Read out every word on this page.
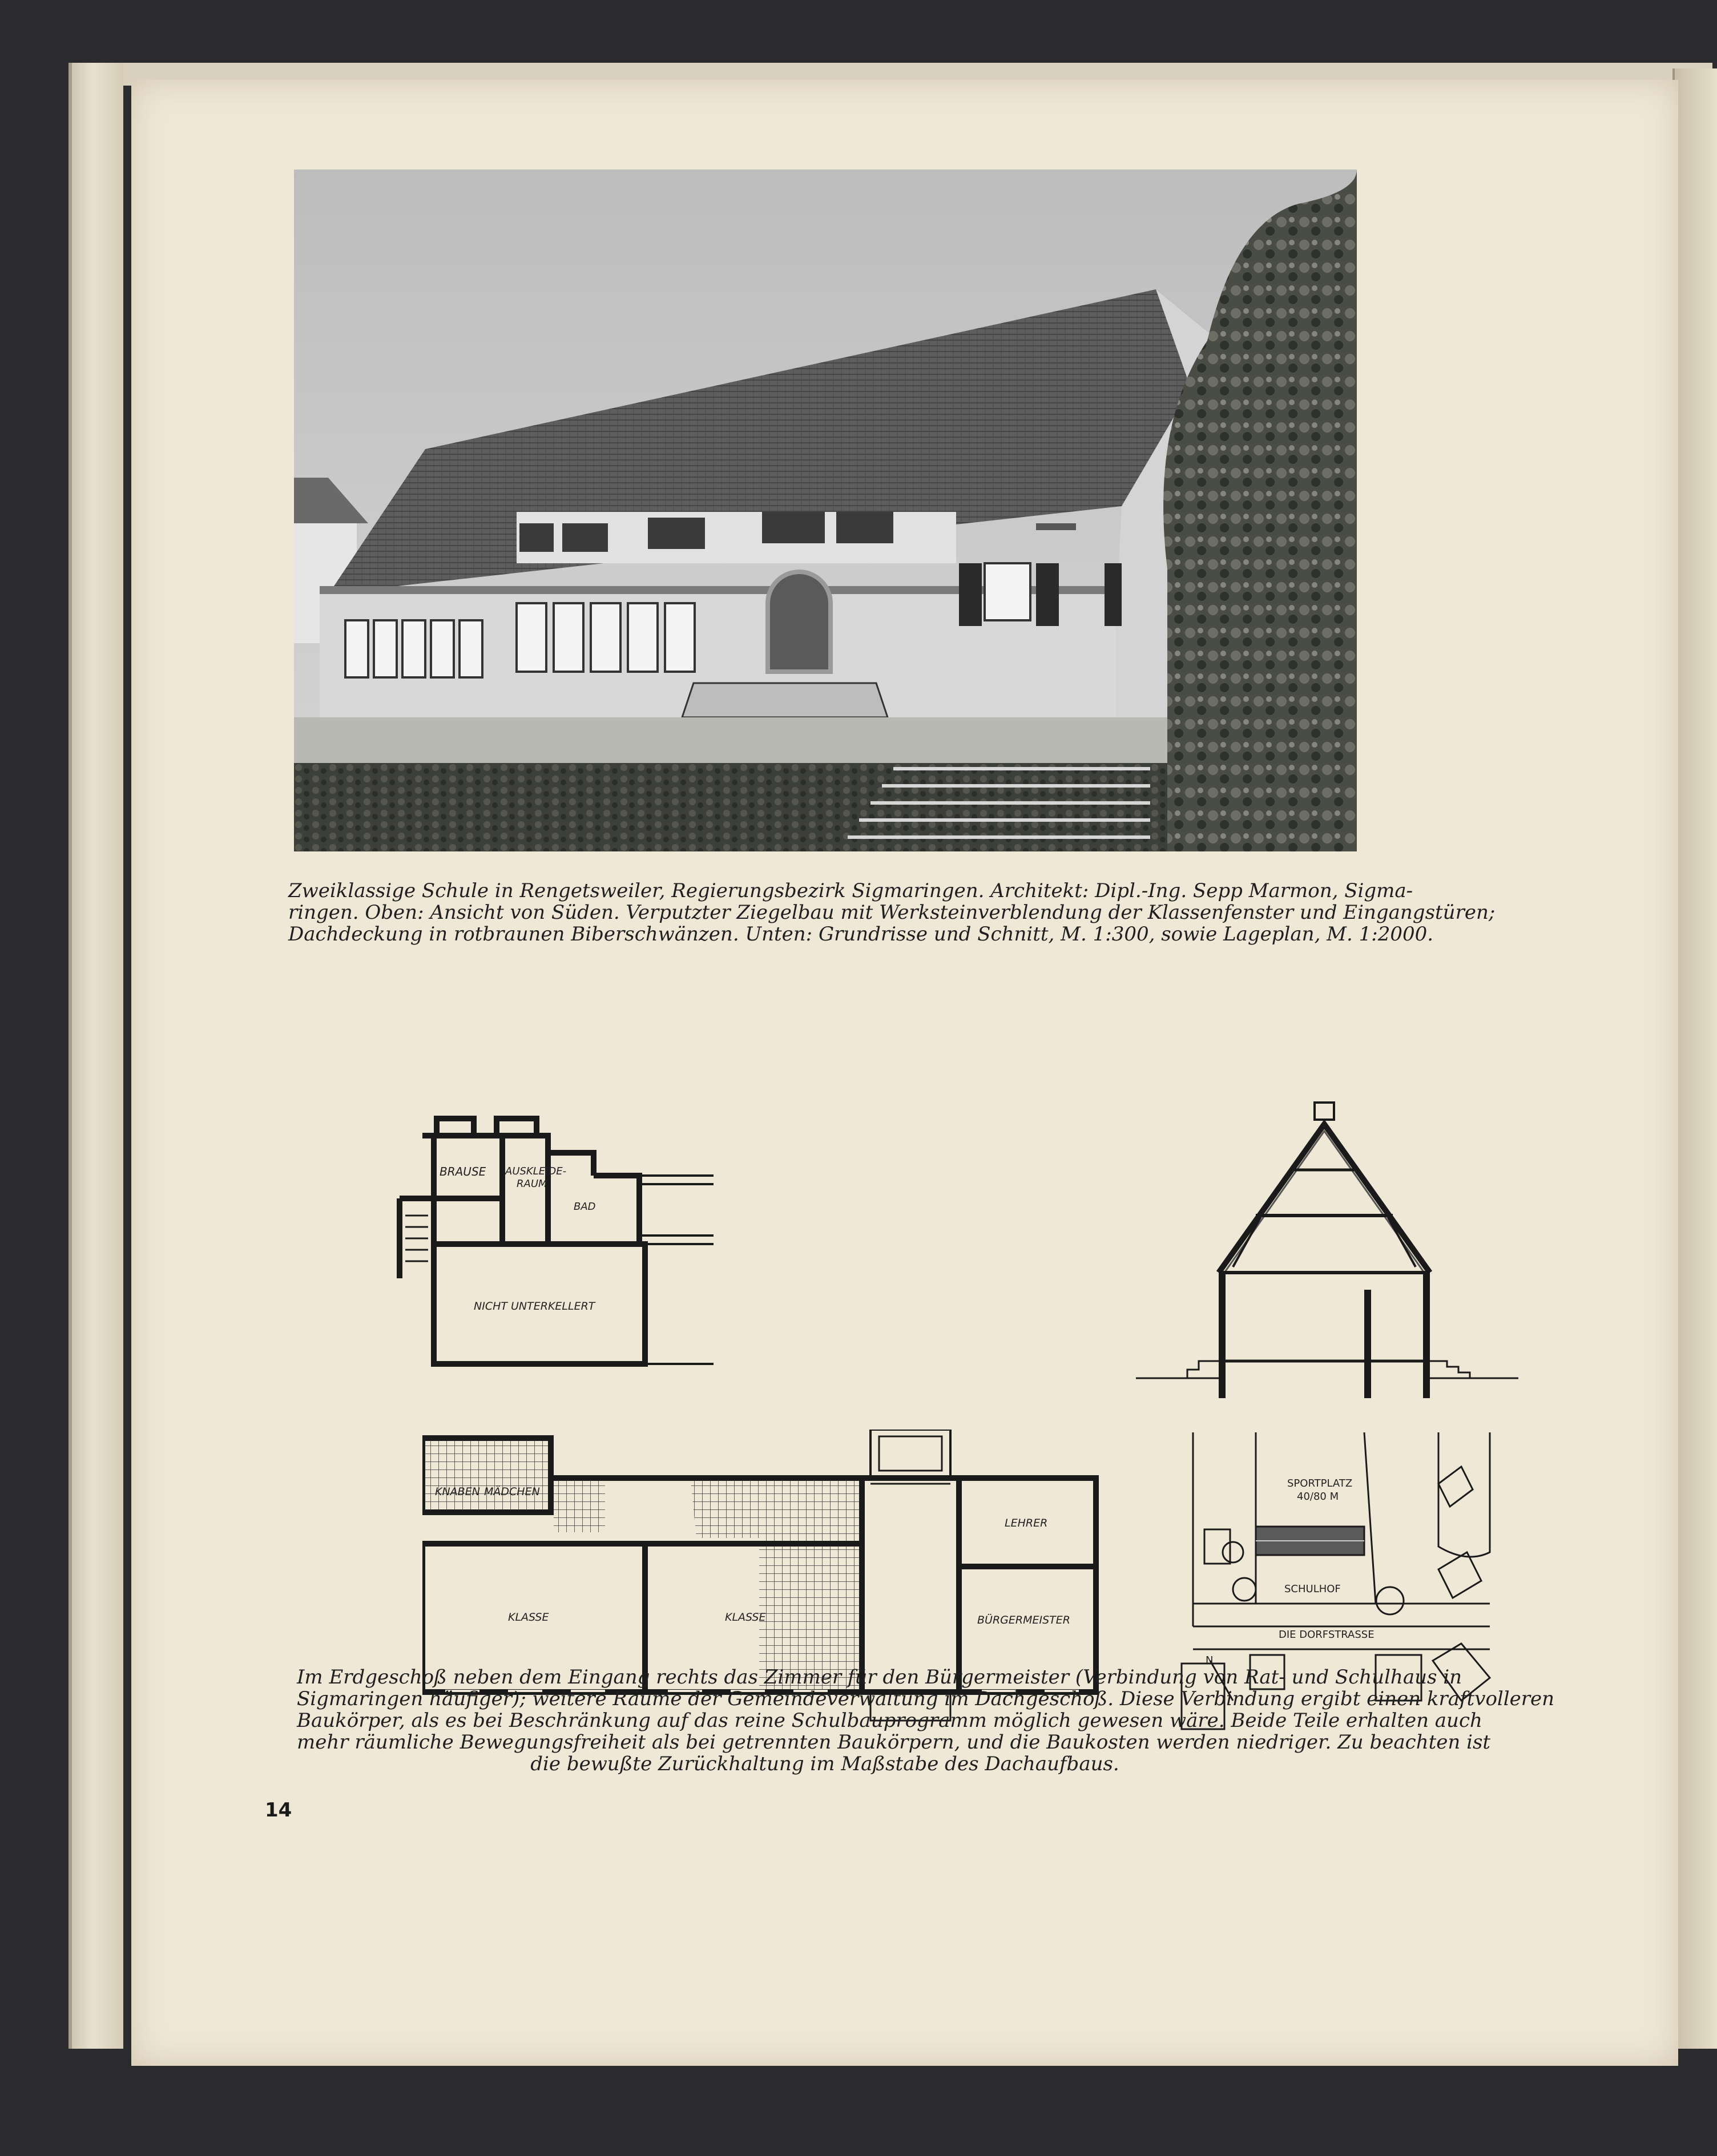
Zweiklassige Schule in Rengetsweiler, Regierungsbezirk Sigmaringen. Architekt: Dipl.-Ing. Sepp Marmon, Sigma-
ringen. Oben: Ansicht von Süden. Verputzter Ziegelbau mit Werksteinverblendung der Klassenfenster und Eingangstüren;
Dachdeckung in rotbraunen Biberschwänzen. Unten: Grundrisse und Schnitt, M. 1:300, sowie Lageplan, M. 1:2000.
BRAUSE AUSKLEIDE-
RAUM
BAD
NICHT UNTERKELLERT
KNABEN MÄDCHEN
KLASSE	KLASSE
LEHRER
BÜRGERMEISTER
SPORTPLATZ
40/80 M
SCHULHOF
DIE DORFSTRASSE
N
Im Erdgeschoß neben dem Eingang rechts das Zimmer für den Bürgermeister (Verbindung von Rat- und Schulhaus in
Sigmaringen häufiger); weitere Räume der Gemeindeverwaltung im Dachgeschoß. Diese Verbindung ergibt einen kraftvolleren
Baukörper, als es bei Beschränkung auf das reine Schulbauprogramm möglich gewesen wäre. Beide Teile erhalten auch
mehr räumliche Bewegungsfreiheit als bei getrennten Baukörpern, und die Baukosten werden niedriger. Zu beachten ist
die bewußte Zurückhaltung im Maßstabe des Dachaufbaus.
14
